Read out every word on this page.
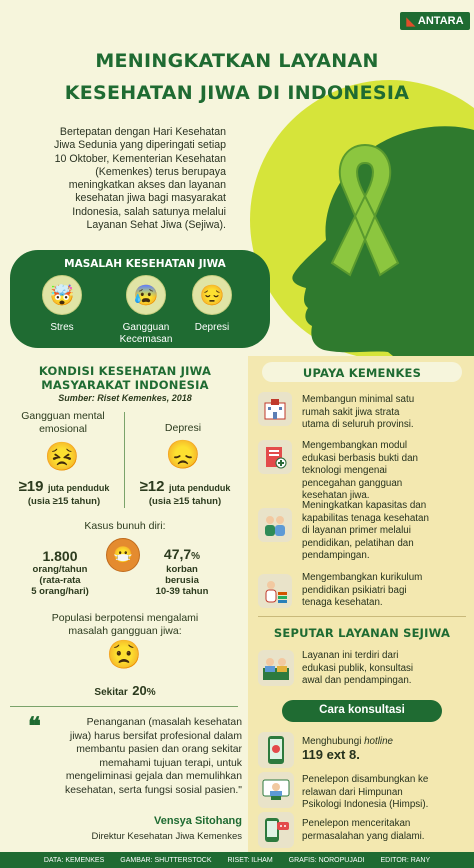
◣ ANTARA
MENINGKATKAN LAYANAN
KESEHATAN JIWA DI INDONESIA
Bertepatan dengan Hari Kesehatan
Jiwa Sedunia yang diperingati setiap
10 Oktober, Kementerian Kesehatan
(Kemenkes) terus berupaya
meningkatkan akses dan layanan
kesehatan jiwa bagi masyarakat
Indonesia, salah satunya melalui
Layanan Sehat Jiwa (Sejiwa).
MASALAH KESEHATAN JIWA
🤯
Stres
😰
Gangguan
Kecemasan
😔
Depresi
KONDISI KESEHATAN JIWA
MASYARAKAT INDONESIA
Sumber: Riset Kemenkes, 2018
Gangguan mental
emosional
😣
≥19 juta penduduk
(usia ≥15 tahun)
Depresi
😞
≥12 juta penduduk
(usia ≥15 tahun)
Kasus bunuh diri:
1.800
orang/tahun
(rata-rata
5 orang/hari)
😷	47,7%
korban
berusia
10-39 tahun
Populasi berpotensi mengalami
masalah gangguan jiwa:
😟
Sekitar 20%
❝	Penanganan (masalah kesehatan
jiwa) harus bersifat profesional dalam
membantu pasien dan orang sekitar
memahami tujuan terapi, untuk
mengeliminasi gejala dan memulihkan
kesehatan, serta fungsi sosial pasien."
Vensya Sitohang
Direktur Kesehatan Jiwa Kemenkes
UPAYA KEMENKES
Membangun minimal satu
rumah sakit jiwa strata
utama di seluruh provinsi.
Mengembangkan modul
edukasi berbasis bukti dan
teknologi mengenai
pencegahan gangguan
kesehatan jiwa.
Meningkatkan kapasitas dan
kapabilitas tenaga kesehatan
di layanan primer melalui
pendidikan, pelatihan dan
pendampingan.
Mengembangkan kurikulum
pendidikan psikiatri bagi
tenaga kesehatan.
SEPUTAR LAYANAN SEJIWA
Layanan ini terdiri dari
edukasi publik, konsultasi
awal dan pendampingan.
Cara konsultasi
Menghubungi hotline
119 ext 8.
Penelepon disambungkan ke
relawan dari Himpunan
Psikologi Indonesia (Himpsi).
Penelepon menceritakan
permasalahan yang dialami.
DATA: KEMENKES GAMBAR: SHUTTERSTOCK RISET: ILHAM GRAFIS: NOROPUJADI EDITOR: RANY
